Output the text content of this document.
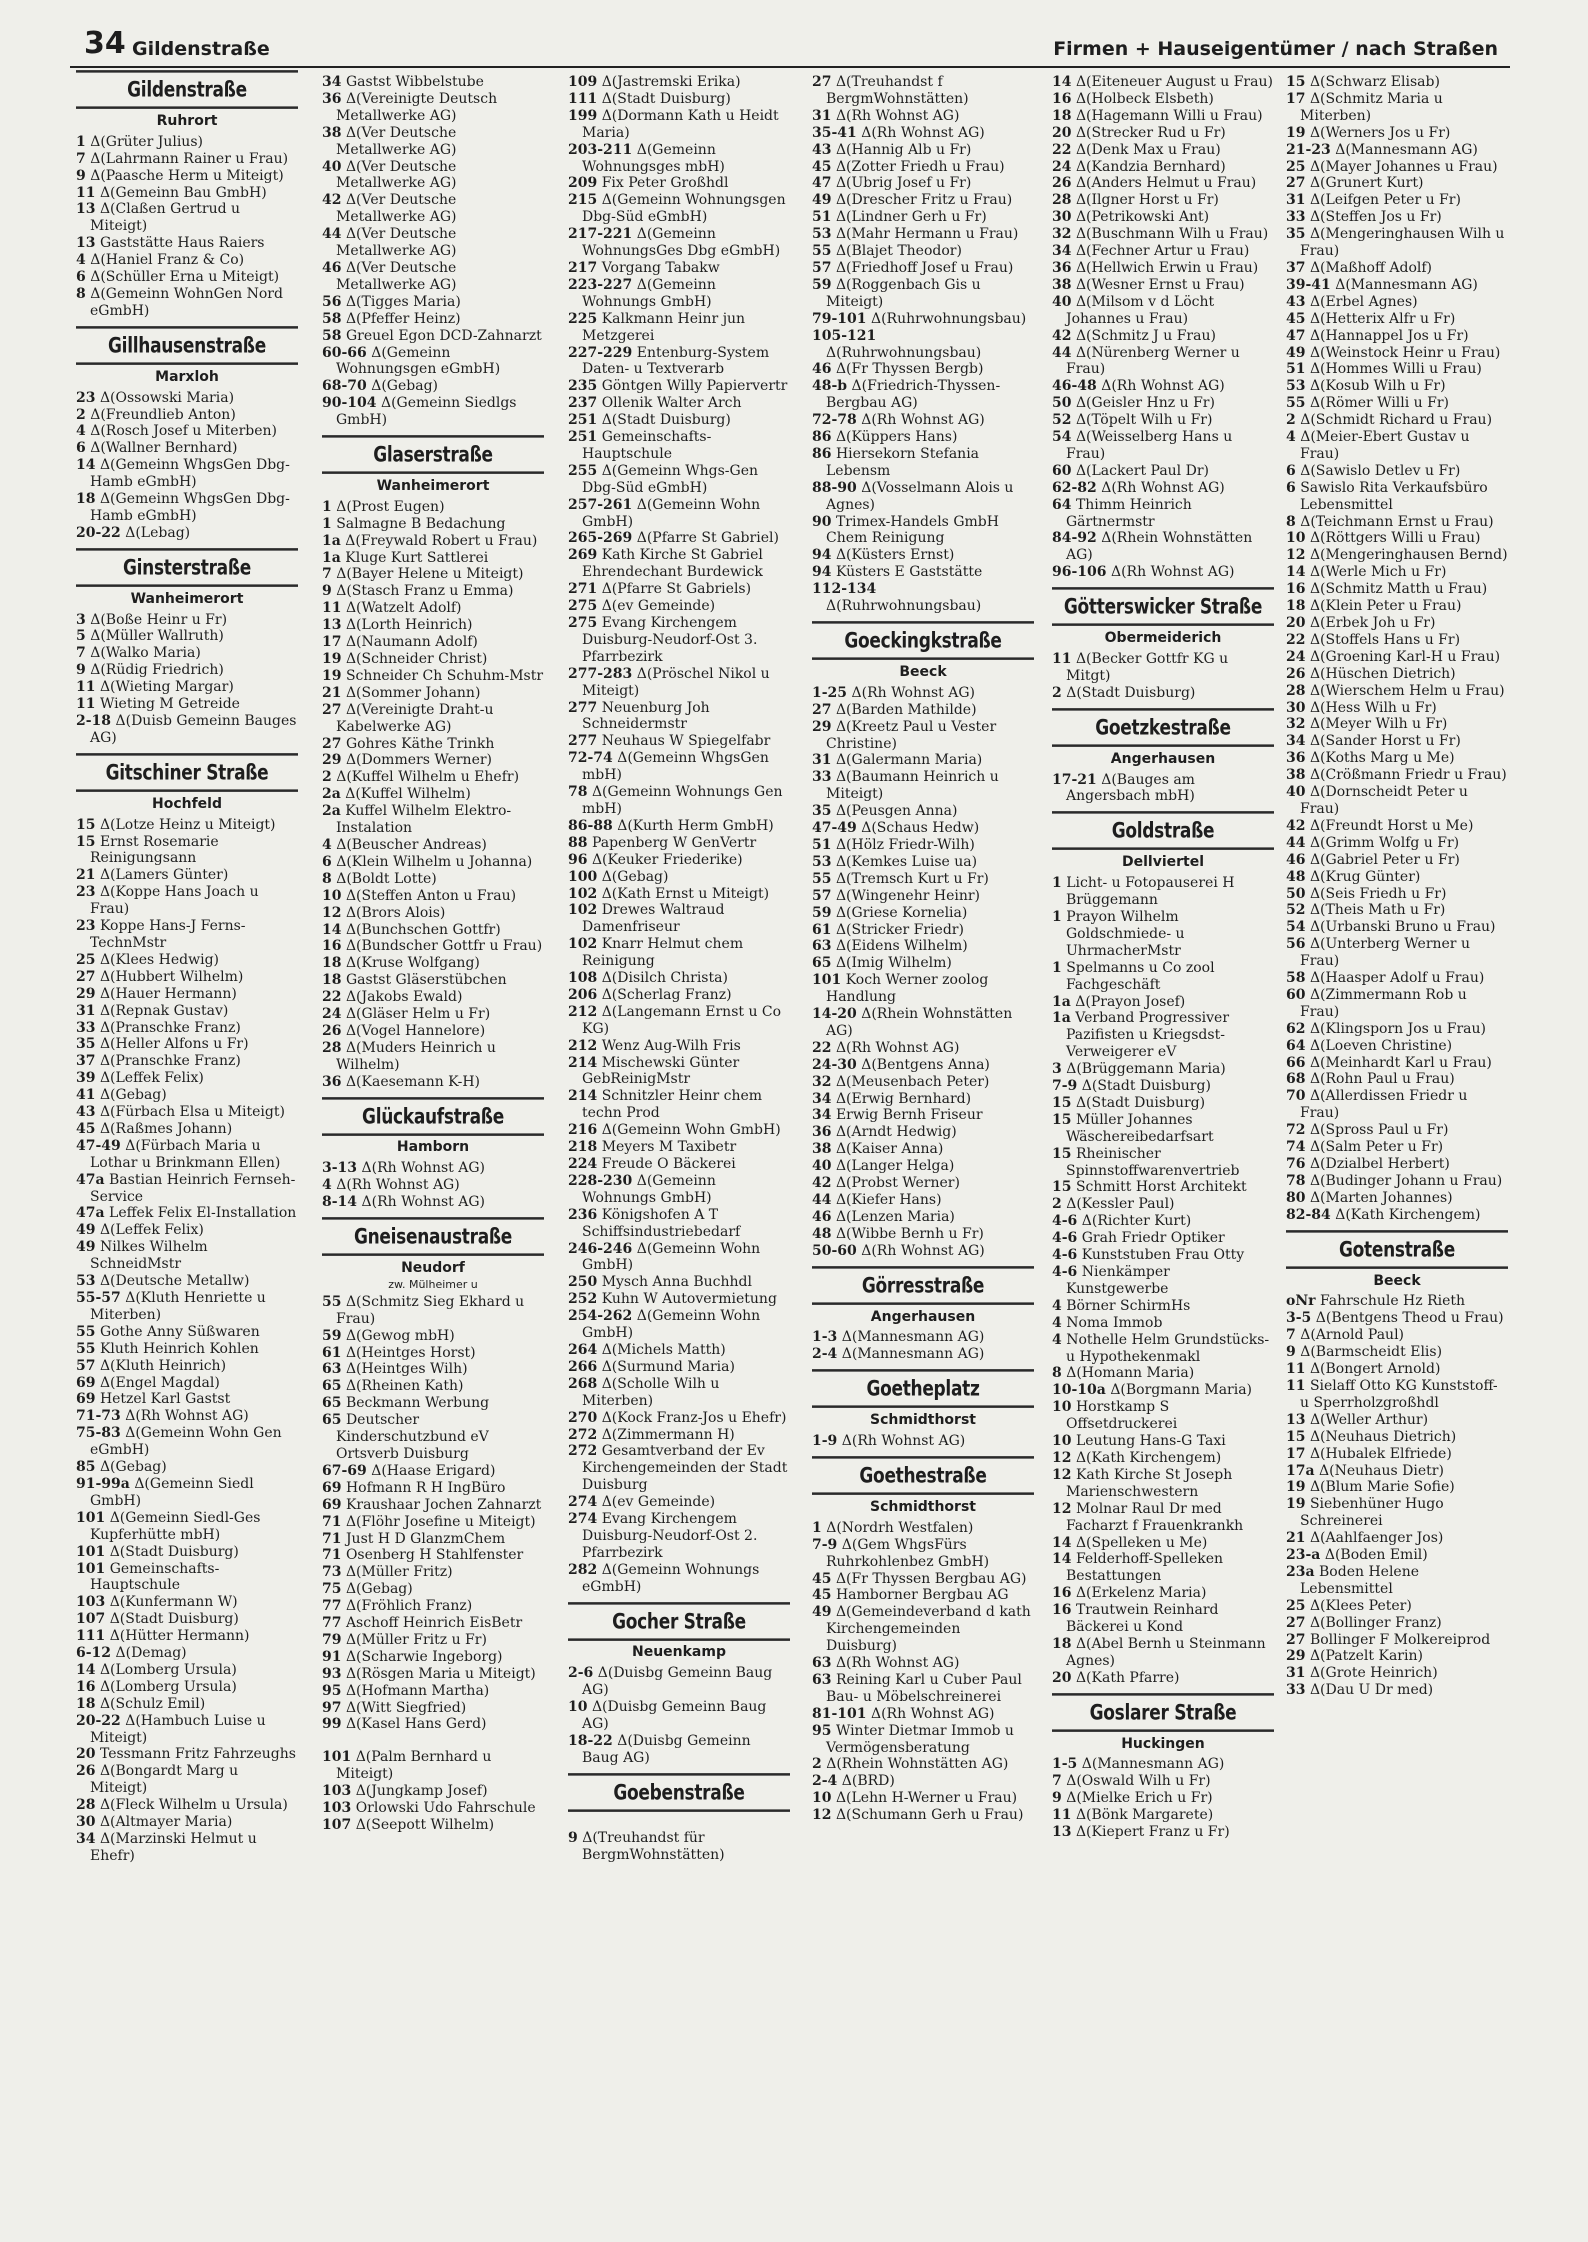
34 Gildenstraße	Firmen + Hauseigentümer / nach Straßen
Gildenstraße
Ruhrort
1 Δ(Grüter Julius)
7 Δ(Lahrmann Rainer u Frau)
9 Δ(Paasche Herm u Miteigt)
11 Δ(Gemeinn Bau GmbH)
13 Δ(Claßen Gertrud u Miteigt)
13 Gaststätte Haus Raiers
4 Δ(Haniel Franz & Co)
6 Δ(Schüller Erna u Miteigt)
8 Δ(Gemeinn WohnGen Nord eGmbH)
Gillhausenstraße
Marxloh
23 Δ(Ossowski Maria)
2 Δ(Freundlieb Anton)
4 Δ(Rosch Josef u Miterben)
6 Δ(Wallner Bernhard)
14 Δ(Gemeinn WhgsGen Dbg-Hamb eGmbH)
18 Δ(Gemeinn WhgsGen Dbg-Hamb eGmbH)
20-22 Δ(Lebag)
Ginsterstraße
Wanheimerort
3 Δ(Boße Heinr u Fr)
5 Δ(Müller Wallruth)
7 Δ(Walko Maria)
9 Δ(Rüdig Friedrich)
11 Δ(Wieting Margar)
11 Wieting M Getreide
2-18 Δ(Duisb Gemeinn Bauges AG)
Gitschiner Straße
Hochfeld
15 Δ(Lotze Heinz u Miteigt)
15 Ernst Rosemarie Reinigungsann
21 Δ(Lamers Günter)
23 Δ(Koppe Hans Joach u Frau)
23 Koppe Hans-J Ferns-TechnMstr
25 Δ(Klees Hedwig)
27 Δ(Hubbert Wilhelm)
29 Δ(Hauer Hermann)
31 Δ(Repnak Gustav)
33 Δ(Pranschke Franz)
35 Δ(Heller Alfons u Fr)
37 Δ(Pranschke Franz)
39 Δ(Leffek Felix)
41 Δ(Gebag)
43 Δ(Fürbach Elsa u Miteigt)
45 Δ(Raßmes Johann)
47-49 Δ(Fürbach Maria u Lothar u Brinkmann Ellen)
47a Bastian Heinrich Fernseh-Service
47a Leffek Felix El-Installation
49 Δ(Leffek Felix)
49 Nilkes Wilhelm SchneidMstr
53 Δ(Deutsche Metallw)
55-57 Δ(Kluth Henriette u Miterben)
55 Gothe Anny Süßwaren
55 Kluth Heinrich Kohlen
57 Δ(Kluth Heinrich)
69 Δ(Engel Magdal)
69 Hetzel Karl Gastst
71-73 Δ(Rh Wohnst AG)
75-83 Δ(Gemeinn Wohn Gen eGmbH)
85 Δ(Gebag)
91-99a Δ(Gemeinn Siedl GmbH)
101 Δ(Gemeinn Siedl-Ges Kupferhütte mbH)
101 Δ(Stadt Duisburg)
101 Gemeinschafts-Hauptschule
103 Δ(Kunfermann W)
107 Δ(Stadt Duisburg)
111 Δ(Hütter Hermann)
6-12 Δ(Demag)
14 Δ(Lomberg Ursula)
16 Δ(Lomberg Ursula)
18 Δ(Schulz Emil)
20-22 Δ(Hambuch Luise u Miteigt)
20 Tessmann Fritz Fahrzeughs
26 Δ(Bongardt Marg u Miteigt)
28 Δ(Fleck Wilhelm u Ursula)
30 Δ(Altmayer Maria)
34 Δ(Marzinski Helmut u Ehefr)
34 Gastst Wibbelstube
36 Δ(Vereinigte Deutsch Metallwerke AG)
38 Δ(Ver Deutsche Metallwerke AG)
40 Δ(Ver Deutsche Metallwerke AG)
42 Δ(Ver Deutsche Metallwerke AG)
44 Δ(Ver Deutsche Metallwerke AG)
46 Δ(Ver Deutsche Metallwerke AG)
56 Δ(Tigges Maria)
58 Δ(Pfeffer Heinz)
58 Greuel Egon DCD-Zahnarzt
60-66 Δ(Gemeinn Wohnungsgen eGmbH)
68-70 Δ(Gebag)
90-104 Δ(Gemeinn Siedlgs GmbH)
Glaserstraße
Wanheimerort
1 Δ(Prost Eugen)
1 Salmagne B Bedachung
1a Δ(Freywald Robert u Frau)
1a Kluge Kurt Sattlerei
7 Δ(Bayer Helene u Miteigt)
9 Δ(Stasch Franz u Emma)
11 Δ(Watzelt Adolf)
13 Δ(Lorth Heinrich)
17 Δ(Naumann Adolf)
19 Δ(Schneider Christ)
19 Schneider Ch Schuhm-Mstr
21 Δ(Sommer Johann)
27 Δ(Vereinigte Draht-u Kabelwerke AG)
27 Gohres Käthe Trinkh
29 Δ(Dommers Werner)
2 Δ(Kuffel Wilhelm u Ehefr)
2a Δ(Kuffel Wilhelm)
2a Kuffel Wilhelm Elektro-Instalation
4 Δ(Beuscher Andreas)
6 Δ(Klein Wilhelm u Johanna)
8 Δ(Boldt Lotte)
10 Δ(Steffen Anton u Frau)
12 Δ(Brors Alois)
14 Δ(Bunchschen Gottfr)
16 Δ(Bundscher Gottfr u Frau)
18 Δ(Kruse Wolfgang)
18 Gastst Gläserstübchen
22 Δ(Jakobs Ewald)
24 Δ(Gläser Helm u Fr)
26 Δ(Vogel Hannelore)
28 Δ(Muders Heinrich u Wilhelm)
36 Δ(Kaesemann K-H)
Glückaufstraße
Hamborn
3-13 Δ(Rh Wohnst AG)
4 Δ(Rh Wohnst AG)
8-14 Δ(Rh Wohnst AG)
Gneisenaustraße
Neudorf
zw. Mülheimer u
55 Δ(Schmitz Sieg Ekhard u Frau)
59 Δ(Gewog mbH)
61 Δ(Heintges Horst)
63 Δ(Heintges Wilh)
65 Δ(Rheinen Kath)
65 Beckmann Werbung
65 Deutscher Kinderschutzbund eV Ortsverb Duisburg
67-69 Δ(Haase Erigard)
69 Hofmann R H IngBüro
69 Kraushaar Jochen Zahnarzt
71 Δ(Flöhr Josefine u Miteigt)
71 Just H D GlanzmChem
71 Osenberg H Stahlfenster
73 Δ(Müller Fritz)
75 Δ(Gebag)
77 Δ(Fröhlich Franz)
77 Aschoff Heinrich EisBetr
79 Δ(Müller Fritz u Fr)
91 Δ(Scharwie Ingeborg)
93 Δ(Rösgen Maria u Miteigt)
95 Δ(Hofmann Martha)
97 Δ(Witt Siegfried)
99 Δ(Kasel Hans Gerd)
101 Δ(Palm Bernhard u Miteigt)
103 Δ(Jungkamp Josef)
103 Orlowski Udo Fahrschule
107 Δ(Seepott Wilhelm)
109 Δ(Jastremski Erika)
111 Δ(Stadt Duisburg)
199 Δ(Dormann Kath u Heidt Maria)
203-211 Δ(Gemeinn Wohnungsges mbH)
209 Fix Peter Großhdl
215 Δ(Gemeinn Wohnungsgen Dbg-Süd eGmbH)
217-221 Δ(Gemeinn WohnungsGes Dbg eGmbH)
217 Vorgang Tabakw
223-227 Δ(Gemeinn Wohnungs GmbH)
225 Kalkmann Heinr jun Metzgerei
227-229 Entenburg-System Daten- u Textverarb
235 Göntgen Willy Papiervertr
237 Ollenik Walter Arch
251 Δ(Stadt Duisburg)
251 Gemeinschafts-Hauptschule
255 Δ(Gemeinn Whgs-Gen Dbg-Süd eGmbH)
257-261 Δ(Gemeinn Wohn GmbH)
265-269 Δ(Pfarre St Gabriel)
269 Kath Kirche St Gabriel Ehrendechant Burdewick
271 Δ(Pfarre St Gabriels)
275 Δ(ev Gemeinde)
275 Evang Kirchengem Duisburg-Neudorf-Ost 3. Pfarrbezirk
277-283 Δ(Pröschel Nikol u Miteigt)
277 Neuenburg Joh Schneidermstr
277 Neuhaus W Spiegelfabr
72-74 Δ(Gemeinn WhgsGen mbH)
78 Δ(Gemeinn Wohnungs Gen mbH)
86-88 Δ(Kurth Herm GmbH)
88 Papenberg W GenVertr
96 Δ(Keuker Friederike)
100 Δ(Gebag)
102 Δ(Kath Ernst u Miteigt)
102 Drewes Waltraud Damenfriseur
102 Knarr Helmut chem Reinigung
108 Δ(Disilch Christa)
206 Δ(Scherlag Franz)
212 Δ(Langemann Ernst u Co KG)
212 Wenz Aug-Wilh Fris
214 Mischewski Günter GebReinigMstr
214 Schnitzler Heinr chem techn Prod
216 Δ(Gemeinn Wohn GmbH)
218 Meyers M Taxibetr
224 Freude O Bäckerei
228-230 Δ(Gemeinn Wohnungs GmbH)
236 Königshofen A T Schiffsindustriebedarf
246-246 Δ(Gemeinn Wohn GmbH)
250 Mysch Anna Buchhdl
252 Kuhn W Autovermietung
254-262 Δ(Gemeinn Wohn GmbH)
264 Δ(Michels Matth)
266 Δ(Surmund Maria)
268 Δ(Scholle Wilh u Miterben)
270 Δ(Kock Franz-Jos u Ehefr)
272 Δ(Zimmermann H)
272 Gesamtverband der Ev Kirchengemeinden der Stadt Duisburg
274 Δ(ev Gemeinde)
274 Evang Kirchengem Duisburg-Neudorf-Ost 2. Pfarrbezirk
282 Δ(Gemeinn Wohnungs eGmbH)
Gocher Straße
Neuenkamp
2-6 Δ(Duisbg Gemeinn Baug AG)
10 Δ(Duisbg Gemeinn Baug AG)
18-22 Δ(Duisbg Gemeinn Baug AG)
Goebenstraße
9 Δ(Treuhandst für BergmWohnstätten)
27 Δ(Treuhandst f BergmWohnstätten)
31 Δ(Rh Wohnst AG)
35-41 Δ(Rh Wohnst AG)
43 Δ(Hannig Alb u Fr)
45 Δ(Zotter Friedh u Frau)
47 Δ(Ubrig Josef u Fr)
49 Δ(Drescher Fritz u Frau)
51 Δ(Lindner Gerh u Fr)
53 Δ(Mahr Hermann u Frau)
55 Δ(Blajet Theodor)
57 Δ(Friedhoff Josef u Frau)
59 Δ(Roggenbach Gis u Miteigt)
79-101 Δ(Ruhrwohnungsbau)
105-121 Δ(Ruhrwohnungsbau)
46 Δ(Fr Thyssen Bergb)
48-b Δ(Friedrich-Thyssen-Bergbau AG)
72-78 Δ(Rh Wohnst AG)
86 Δ(Küppers Hans)
86 Hiersekorn Stefania Lebensm
88-90 Δ(Vosselmann Alois u Agnes)
90 Trimex-Handels GmbH Chem Reinigung
94 Δ(Küsters Ernst)
94 Küsters E Gaststätte
112-134 Δ(Ruhrwohnungsbau)
Goeckingkstraße
Beeck
1-25 Δ(Rh Wohnst AG)
27 Δ(Barden Mathilde)
29 Δ(Kreetz Paul u Vester Christine)
31 Δ(Galermann Maria)
33 Δ(Baumann Heinrich u Miteigt)
35 Δ(Peusgen Anna)
47-49 Δ(Schaus Hedw)
51 Δ(Hölz Friedr-Wilh)
53 Δ(Kemkes Luise ua)
55 Δ(Tremsch Kurt u Fr)
57 Δ(Wingenehr Heinr)
59 Δ(Griese Kornelia)
61 Δ(Stricker Friedr)
63 Δ(Eidens Wilhelm)
65 Δ(Imig Wilhelm)
101 Koch Werner zoolog Handlung
14-20 Δ(Rhein Wohnstätten AG)
22 Δ(Rh Wohnst AG)
24-30 Δ(Bentgens Anna)
32 Δ(Meusenbach Peter)
34 Δ(Erwig Bernhard)
34 Erwig Bernh Friseur
36 Δ(Arndt Hedwig)
38 Δ(Kaiser Anna)
40 Δ(Langer Helga)
42 Δ(Probst Werner)
44 Δ(Kiefer Hans)
46 Δ(Lenzen Maria)
48 Δ(Wibbe Bernh u Fr)
50-60 Δ(Rh Wohnst AG)
Görresstraße
Angerhausen
1-3 Δ(Mannesmann AG)
2-4 Δ(Mannesmann AG)
Goetheplatz
Schmidthorst
1-9 Δ(Rh Wohnst AG)
Goethestraße
Schmidthorst
1 Δ(Nordrh Westfalen)
7-9 Δ(Gem WhgsFürs Ruhrkohlenbez GmbH)
45 Δ(Fr Thyssen Bergbau AG)
45 Hamborner Bergbau AG
49 Δ(Gemeindeverband d kath Kirchengemeinden Duisburg)
63 Δ(Rh Wohnst AG)
63 Reining Karl u Cuber Paul Bau- u Möbelschreinerei
81-101 Δ(Rh Wohnst AG)
95 Winter Dietmar Immob u Vermögensberatung
2 Δ(Rhein Wohnstätten AG)
2-4 Δ(BRD)
10 Δ(Lehn H-Werner u Frau)
12 Δ(Schumann Gerh u Frau)
14 Δ(Eiteneuer August u Frau)
16 Δ(Holbeck Elsbeth)
18 Δ(Hagemann Willi u Frau)
20 Δ(Strecker Rud u Fr)
22 Δ(Denk Max u Frau)
24 Δ(Kandzia Bernhard)
26 Δ(Anders Helmut u Frau)
28 Δ(Ilgner Horst u Fr)
30 Δ(Petrikowski Ant)
32 Δ(Buschmann Wilh u Frau)
34 Δ(Fechner Artur u Frau)
36 Δ(Hellwich Erwin u Frau)
38 Δ(Wesner Ernst u Frau)
40 Δ(Milsom v d Löcht Johannes u Frau)
42 Δ(Schmitz J u Frau)
44 Δ(Nürenberg Werner u Frau)
46-48 Δ(Rh Wohnst AG)
50 Δ(Geisler Hnz u Fr)
52 Δ(Töpelt Wilh u Fr)
54 Δ(Weisselberg Hans u Frau)
60 Δ(Lackert Paul Dr)
62-82 Δ(Rh Wohnst AG)
64 Thimm Heinrich Gärtnermstr
84-92 Δ(Rhein Wohnstätten AG)
96-106 Δ(Rh Wohnst AG)
Götterswicker Straße
Obermeiderich
11 Δ(Becker Gottfr KG u Mitgt)
2 Δ(Stadt Duisburg)
Goetzkestraße
Angerhausen
17-21 Δ(Bauges am Angersbach mbH)
Goldstraße
Dellviertel
1 Licht- u Fotopauserei H Brüggemann
1 Prayon Wilhelm Goldschmiede- u UhrmacherMstr
1 Spelmanns u Co zool Fachgeschäft
1a Δ(Prayon Josef)
1a Verband Progressiver Pazifisten u Kriegsdst-Verweigerer eV
3 Δ(Brüggemann Maria)
7-9 Δ(Stadt Duisburg)
15 Δ(Stadt Duisburg)
15 Müller Johannes Wäschereibedarfsart
15 Rheinischer Spinnstoffwarenvertrieb
15 Schmitt Horst Architekt
2 Δ(Kessler Paul)
4-6 Δ(Richter Kurt)
4-6 Grah Friedr Optiker
4-6 Kunststuben Frau Otty
4-6 Nienkämper Kunstgewerbe
4 Börner SchirmHs
4 Noma Immob
4 Nothelle Helm Grundstücks- u Hypothekenmakl
8 Δ(Homann Maria)
10-10a Δ(Borgmann Maria)
10 Horstkamp S Offsetdruckerei
10 Leutung Hans-G Taxi
12 Δ(Kath Kirchengem)
12 Kath Kirche St Joseph Marienschwestern
12 Molnar Raul Dr med Facharzt f Frauenkrankh
14 Δ(Spelleken u Me)
14 Felderhoff-Spelleken Bestattungen
16 Δ(Erkelenz Maria)
16 Trautwein Reinhard Bäckerei u Kond
18 Δ(Abel Bernh u Steinmann Agnes)
20 Δ(Kath Pfarre)
Goslarer Straße
Huckingen
1-5 Δ(Mannesmann AG)
7 Δ(Oswald Wilh u Fr)
9 Δ(Mielke Erich u Fr)
11 Δ(Bönk Margarete)
13 Δ(Kiepert Franz u Fr)
15 Δ(Schwarz Elisab)
17 Δ(Schmitz Maria u Miterben)
19 Δ(Werners Jos u Fr)
21-23 Δ(Mannesmann AG)
25 Δ(Mayer Johannes u Frau)
27 Δ(Grunert Kurt)
31 Δ(Leifgen Peter u Fr)
33 Δ(Steffen Jos u Fr)
35 Δ(Mengeringhausen Wilh u Frau)
37 Δ(Maßhoff Adolf)
39-41 Δ(Mannesmann AG)
43 Δ(Erbel Agnes)
45 Δ(Hetterix Alfr u Fr)
47 Δ(Hannappel Jos u Fr)
49 Δ(Weinstock Heinr u Frau)
51 Δ(Hommes Willi u Frau)
53 Δ(Kosub Wilh u Fr)
55 Δ(Römer Willi u Fr)
2 Δ(Schmidt Richard u Frau)
4 Δ(Meier-Ebert Gustav u Frau)
6 Δ(Sawislo Detlev u Fr)
6 Sawislo Rita Verkaufsbüro Lebensmittel
8 Δ(Teichmann Ernst u Frau)
10 Δ(Röttgers Willi u Frau)
12 Δ(Mengeringhausen Bernd)
14 Δ(Werle Mich u Fr)
16 Δ(Schmitz Matth u Frau)
18 Δ(Klein Peter u Frau)
20 Δ(Erbek Joh u Fr)
22 Δ(Stoffels Hans u Fr)
24 Δ(Groening Karl-H u Frau)
26 Δ(Hüschen Dietrich)
28 Δ(Wierschem Helm u Frau)
30 Δ(Hess Wilh u Fr)
32 Δ(Meyer Wilh u Fr)
34 Δ(Sander Horst u Fr)
36 Δ(Koths Marg u Me)
38 Δ(Crößmann Friedr u Frau)
40 Δ(Dornscheidt Peter u Frau)
42 Δ(Freundt Horst u Me)
44 Δ(Grimm Wolfg u Fr)
46 Δ(Gabriel Peter u Fr)
48 Δ(Krug Günter)
50 Δ(Seis Friedh u Fr)
52 Δ(Theis Math u Fr)
54 Δ(Urbanski Bruno u Frau)
56 Δ(Unterberg Werner u Frau)
58 Δ(Haasper Adolf u Frau)
60 Δ(Zimmermann Rob u Frau)
62 Δ(Klingsporn Jos u Frau)
64 Δ(Loeven Christine)
66 Δ(Meinhardt Karl u Frau)
68 Δ(Rohn Paul u Frau)
70 Δ(Allerdissen Friedr u Frau)
72 Δ(Spross Paul u Fr)
74 Δ(Salm Peter u Fr)
76 Δ(Dzialbel Herbert)
78 Δ(Budinger Johann u Frau)
80 Δ(Marten Johannes)
82-84 Δ(Kath Kirchengem)
Gotenstraße
Beeck
oNr Fahrschule Hz Rieth
3-5 Δ(Bentgens Theod u Frau)
7 Δ(Arnold Paul)
9 Δ(Barmscheidt Elis)
11 Δ(Bongert Arnold)
11 Sielaff Otto KG Kunststoff- u Sperrholzgroßhdl
13 Δ(Weller Arthur)
15 Δ(Neuhaus Dietrich)
17 Δ(Hubalek Elfriede)
17a Δ(Neuhaus Dietr)
19 Δ(Blum Marie Sofie)
19 Siebenhüner Hugo Schreinerei
21 Δ(Aahlfaenger Jos)
23-a Δ(Boden Emil)
23a Boden Helene Lebensmittel
25 Δ(Klees Peter)
27 Δ(Bollinger Franz)
27 Bollinger F Molkereiprod
29 Δ(Patzelt Karin)
31 Δ(Grote Heinrich)
33 Δ(Dau U Dr med)
